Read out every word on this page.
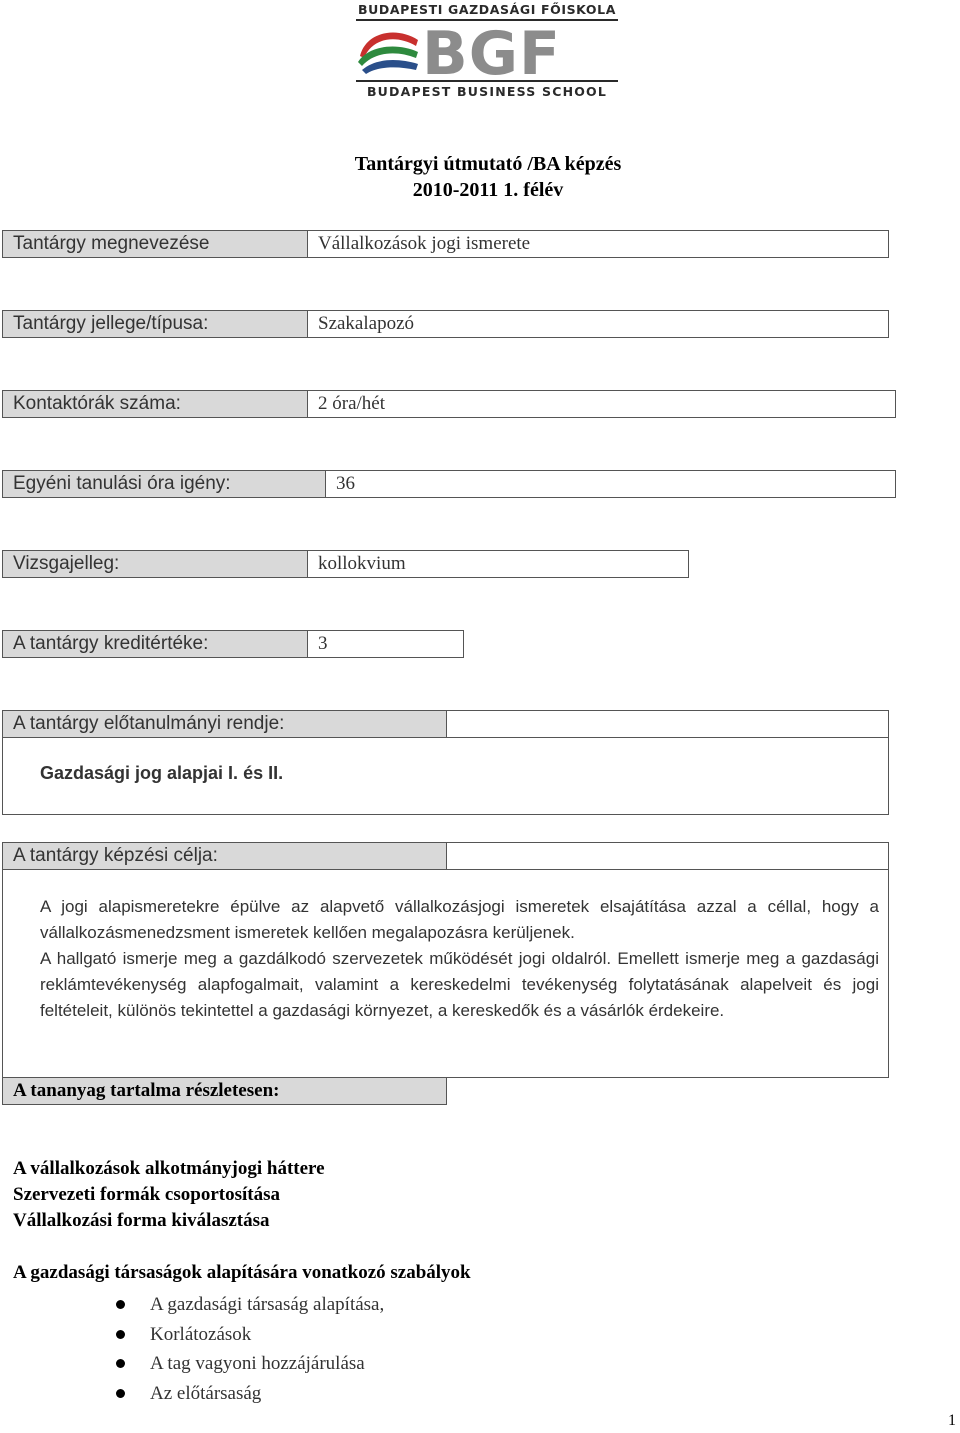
BUDAPESTI GAZDASÁGI FŐISKOLA
BGF
BUDAPEST BUSINESS SCHOOL
Tantárgyi útmutató /BA képzés
2010-2011 1. félév
Tantárgy megnevezése	Vállalkozások jogi ismerete
Tantárgy jellege/típusa:	Szakalapozó
Kontaktórák száma:	2 óra/hét
Egyéni tanulási óra igény:	36
Vizsgajelleg:	kollokvium
A tantárgy kreditértéke:	3
A tantárgy előtanulmányi rendje:
Gazdasági jog alapjai I. és II.
A tantárgy képzési célja:

A jogi alapismeretekre épülve az alapvető vállalkozásjogi ismeretek elsajátítása azzal a céllal, hogy a vállalkozásmenedzsment ismeretek kellően megalapozásra kerüljenek.

A hallgató ismerje meg a gazdálkodó szervezetek működését jogi oldalról. Emellett ismerje meg a gazdasági reklámtevékenység alapfogalmait, valamint a kereskedelmi tevékenység folytatásának alapelveit és jogi feltételeit, különös tekintettel a gazdasági környezet, a kereskedők és a vásárlók érdekeire.

A tananyag tartalma részletesen:
A vállalkozások alkotmányjogi háttere
Szervezeti formák csoportosítása
Vállalkozási forma kiválasztása
A gazdasági társaságok alapítására vonatkozó szabályok
A gazdasági társaság alapítása,
Korlátozások
A tag vagyoni hozzájárulása
Az előtársaság
1
